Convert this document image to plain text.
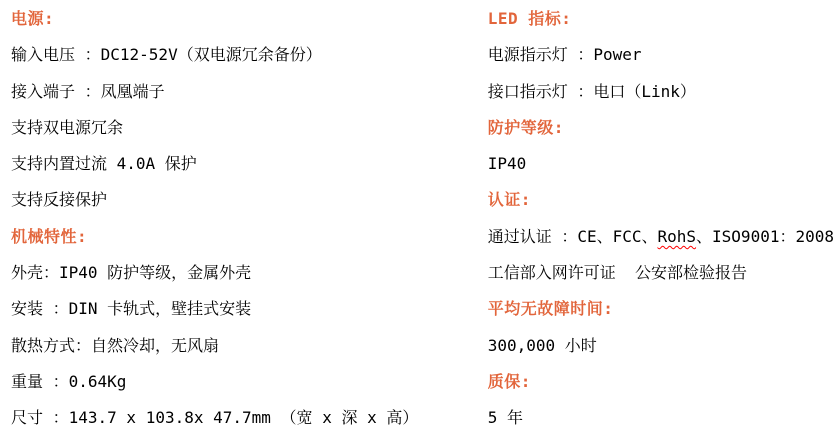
电源:
输入电压 ：DC12-52V（双电源冗余备份）
接入端子 ：凤凰端子
支持双电源冗余
支持内置过流 4.0A 保护
支持反接保护
机械特性:
外壳：IP40 防护等级，金属外壳
安装 ：DIN 卡轨式，壁挂式安装
散热方式：自然冷却，无风扇
重量 ：0.64Kg
尺寸 ：143.7 x 103.8x 47.7mm （宽 x 深 x 高）
LED 指标:
电源指示灯 ：Power
接口指示灯 ：电口（Link）
防护等级:
IP40
认证:
通过认证 ：CE、FCC、RohS、ISO9001：2008
工信部入网许可证  公安部检验报告
平均无故障时间:
300,000 小时
质保:
5 年
